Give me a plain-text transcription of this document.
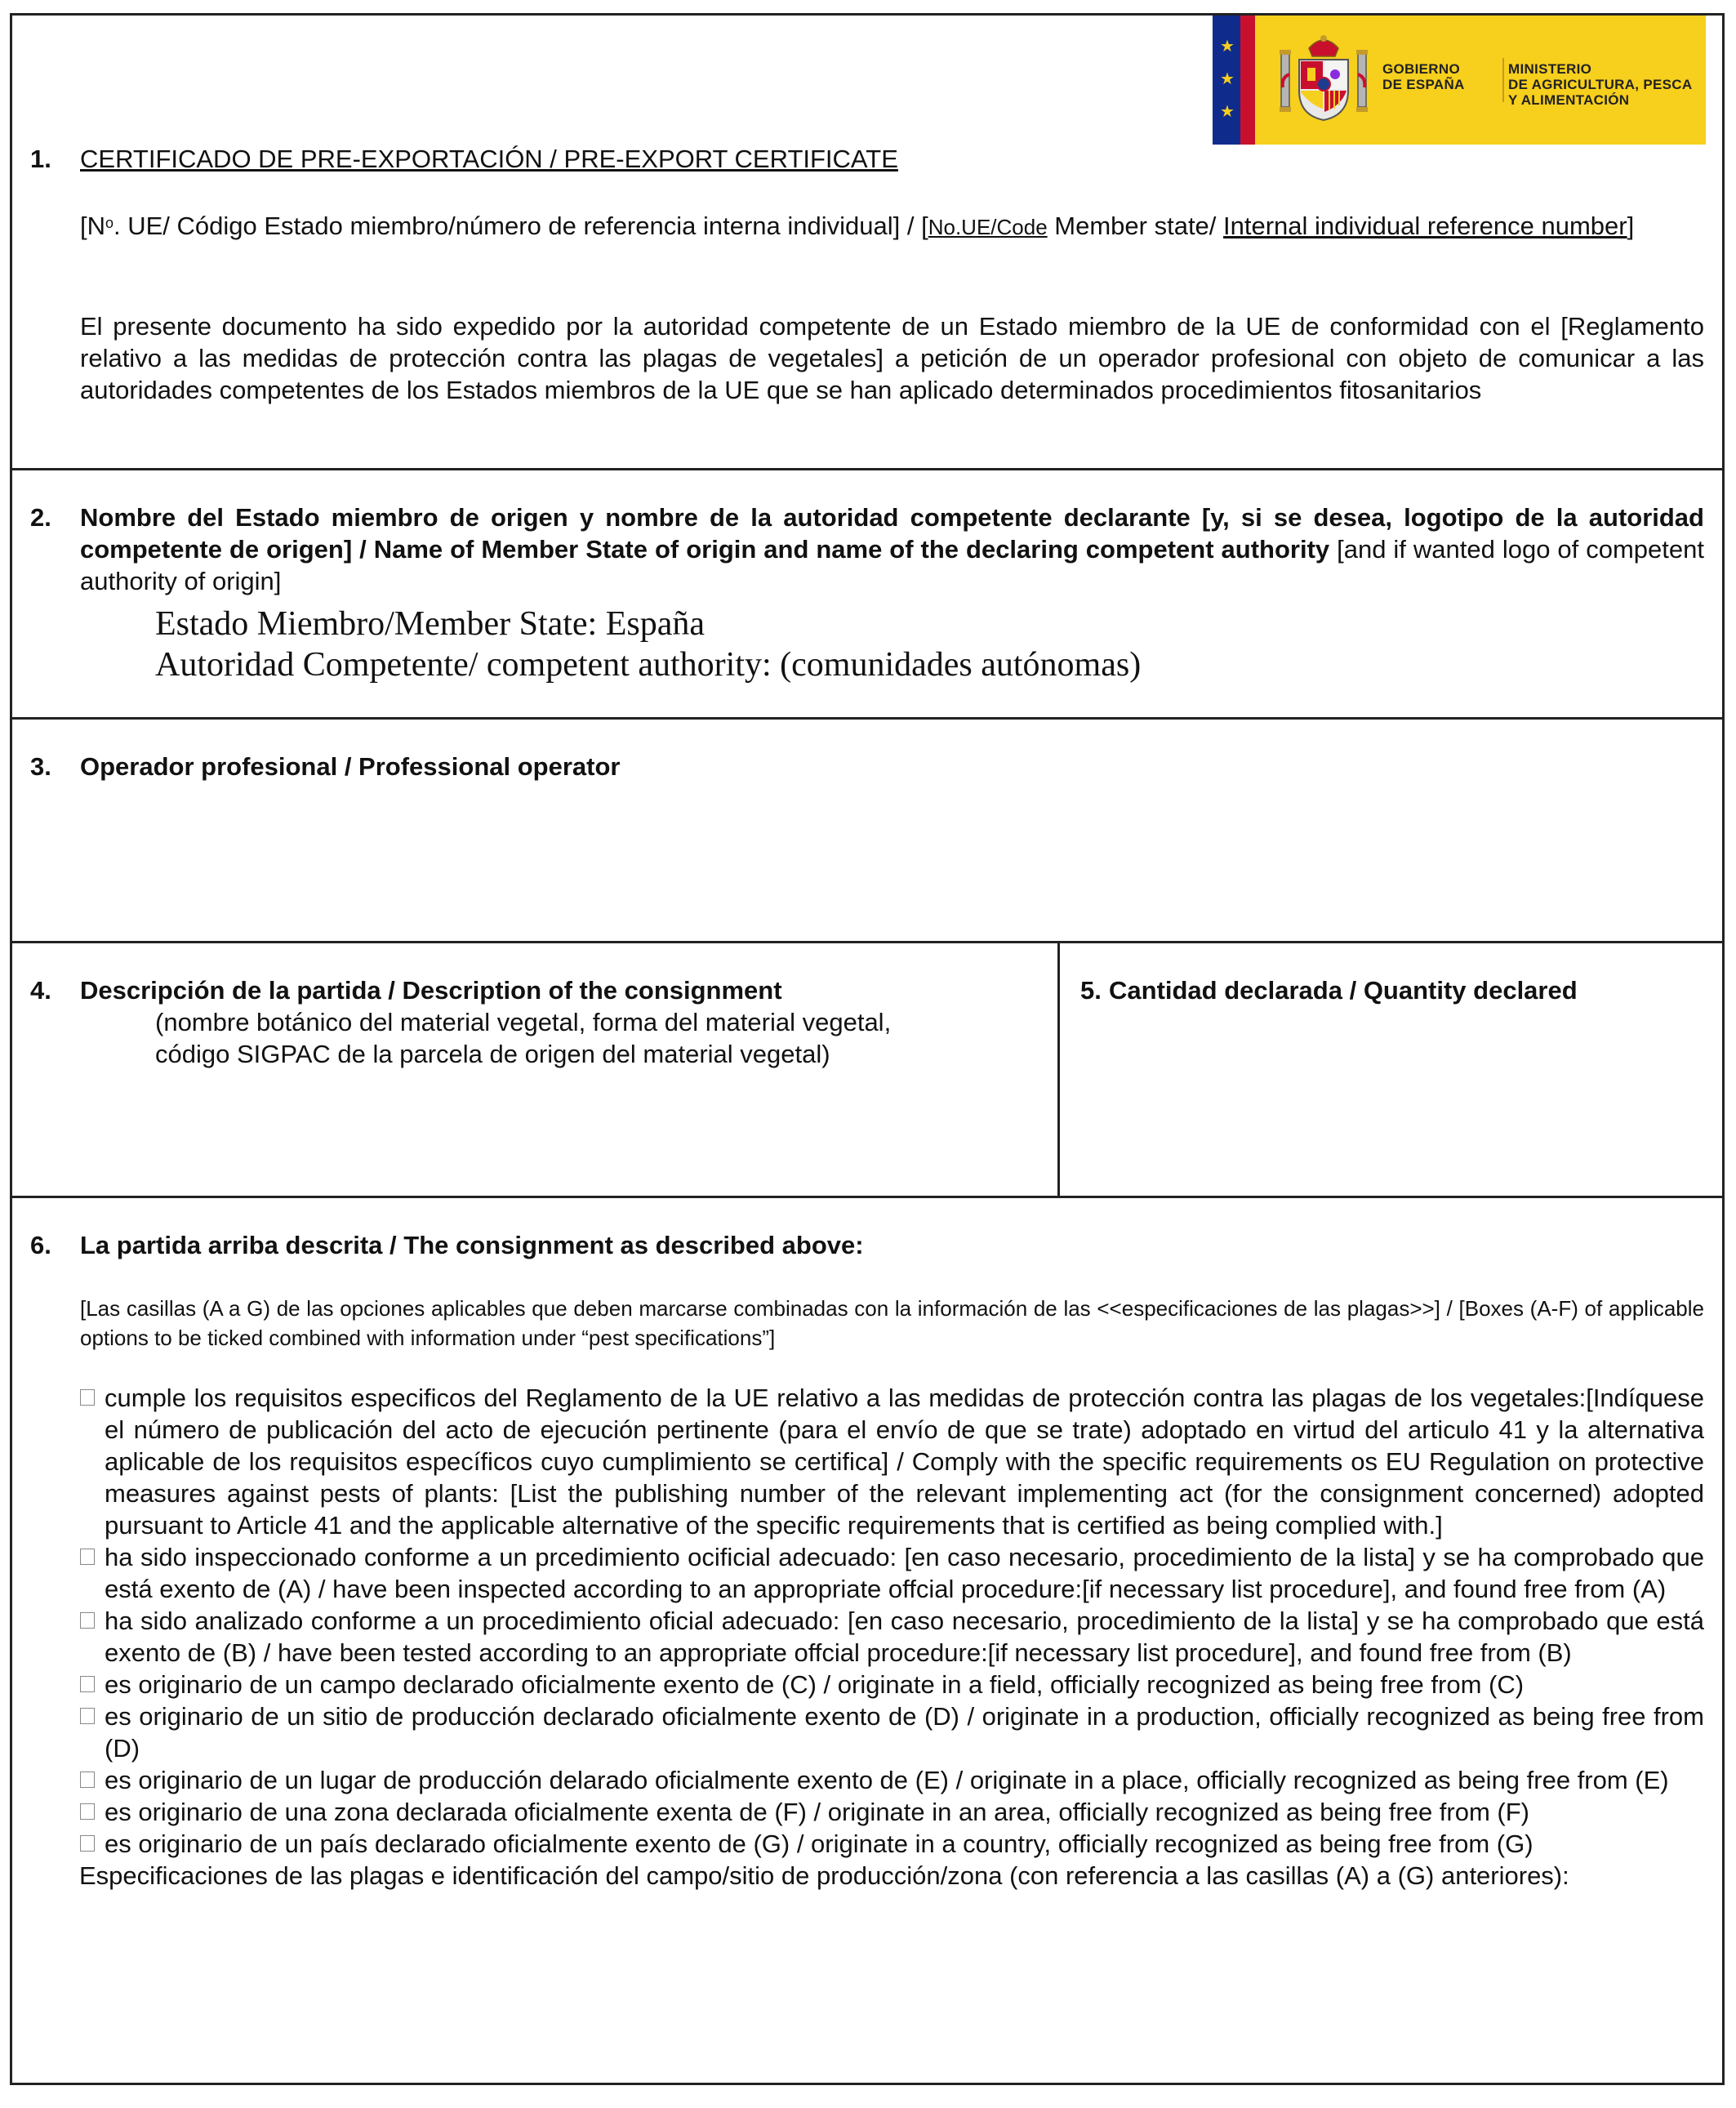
★
★
★
GOBIERNO
DE ESPAÑA
MINISTERIO
DE AGRICULTURA, PESCA
Y ALIMENTACIÓN
1. CERTIFICADO DE PRE-EXPORTACIÓN / PRE-EXPORT CERTIFICATE
[$N^o$. UE/ Código Estado miembro/número de referencia interna individual] / [No.UE/Code Member state/ Internal individual reference number]
El presente documento ha sido expedido por la autoridad competente de un Estado miembro de la UE de conformidad con el [Reglamento relativo a las medidas de protección contra las plagas de vegetales] a petición de un operador profesional con objeto de comunicar a las autoridades competentes de los Estados miembros de la UE que se han aplicado determinados procedimientos fitosanitarios
2. Nombre del Estado miembro de origen y nombre de la autoridad competente declarante [y, si se desea, logotipo de la autoridad competente de origen] / Name of Member State of origin and name of the declaring competent authority [and if wanted logo of competent authority of origin]
Estado Miembro/Member State: España
Autoridad Competente/ competent authority: (comunidades autónomas)
3. Operador profesional / Professional operator
4. Descripción de la partida / Description of the consignment
(nombre botánico del material vegetal, forma del material vegetal,
código SIGPAC de la parcela de origen del material vegetal)
5. Cantidad declarada / Quantity declared
6. La partida arriba descrita / The consignment as described above:
[Las casillas (A a G) de las opciones aplicables que deben marcarse combinadas con la información de las <<especificaciones de las plagas>>] / [Boxes (A-F) of applicable options to be ticked combined with information under “pest specifications”]
cumple los requisitos especificos del Reglamento de la UE relativo a las medidas de protección contra las plagas de los vegetales:[Indíquese el número de publicación del acto de ejecución pertinente (para el envío de que se trate) adoptado en virtud del articulo 41 y la alternativa aplicable de los requisitos específicos cuyo cumplimiento se certifica] / Comply with the specific requirements os EU Regulation on protective measures against pests of plants: [List the publishing number of the relevant implementing act (for the consignment concerned) adopted pursuant to Article 41 and the applicable alternative of the specific requirements that is certified as being complied with.]
ha sido inspeccionado conforme a un prcedimiento ocificial adecuado: [en caso necesario, procedimiento de la lista] y se ha comprobado que está exento de (A) / have been inspected according to an appropriate offcial procedure:[if necessary list procedure], and found free from (A)
ha sido analizado conforme a un procedimiento oficial adecuado: [en caso necesario, procedimiento de la lista] y se ha comprobado que está exento de (B) / have been tested according to an appropriate offcial procedure:[if necessary list procedure], and found free from (B)
es originario de un campo declarado oficialmente exento de (C) / originate in a field, officially recognized as being free from (C)
es originario de un sitio de producción declarado oficialmente exento de (D) / originate in a production, officially recognized as being free from (D)
es originario de un lugar de producción delarado oficialmente exento de (E) / originate in a place, officially recognized as being free from (E)
es originario de una zona declarada oficialmente exenta de (F) / originate in an area, officially recognized as being free from (F)
es originario de un país declarado oficialmente exento de (G) / originate in a country, officially recognized as being free from (G)
Especificaciones de las plagas e identificación del campo/sitio de producción/zona (con referencia a las casillas (A) a (G) anteriores):
